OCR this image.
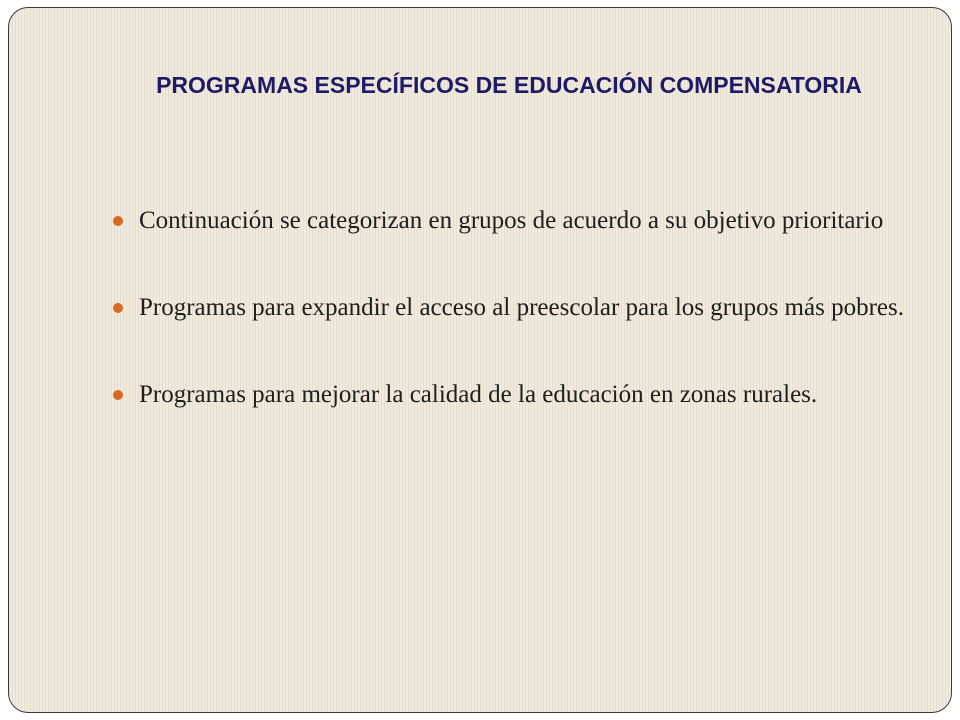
PROGRAMAS ESPECÍFICOS DE EDUCACIÓN COMPENSATORIA
Continuación se categorizan en grupos de acuerdo a su objetivo prioritario
Programas para expandir el acceso al preescolar para los grupos más pobres.
Programas para mejorar la calidad de la educación en zonas rurales.
